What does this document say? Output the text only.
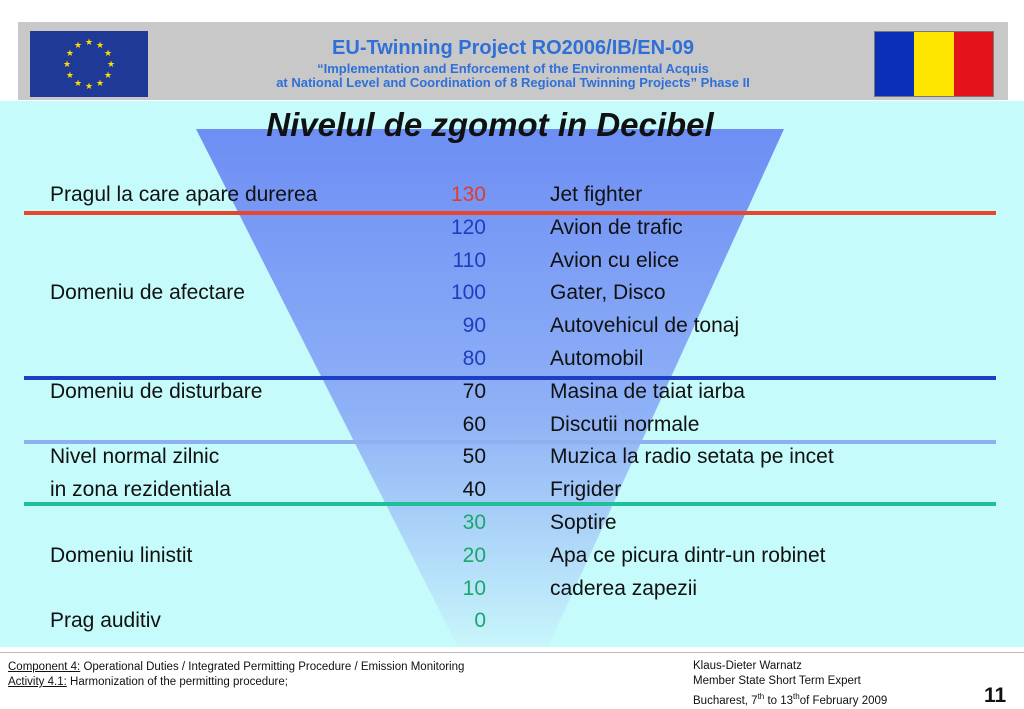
★ ★
★
★
★
★
★
★
★
★
★
★	EU-Twinning Project RO2006/IB/EN-09
“Implementation and Enforcement of the Environmental Acquis
at National Level and Coordination of 8 Regional Twinning Projects” Phase II
Nivelul de zgomot in Decibel
Pragul la care apare durerea	130	Jet fighter
120	Avion de trafic
110	Avion cu elice
Domeniu de afectare	100	Gater, Disco
90	Autovehicul de tonaj
80	Automobil
Domeniu de disturbare	70	Masina de taiat iarba
60	Discutii normale
Nivel normal zilnic	50	Muzica la radio setata pe incet
in zona rezidentiala	40	Frigider
30	Soptire
Domeniu linistit	20	Apa ce picura dintr-un robinet
10	caderea zapezii
Prag auditiv	0
Component 4: Operational Duties / Integrated Permitting Procedure / Emission Monitoring
Activity 4.1: Harmonization of the permitting procedure;
Klaus-Dieter Warnatz
Member State Short Term Expert
Bucharest, 7th to 13thof February 2009	11
